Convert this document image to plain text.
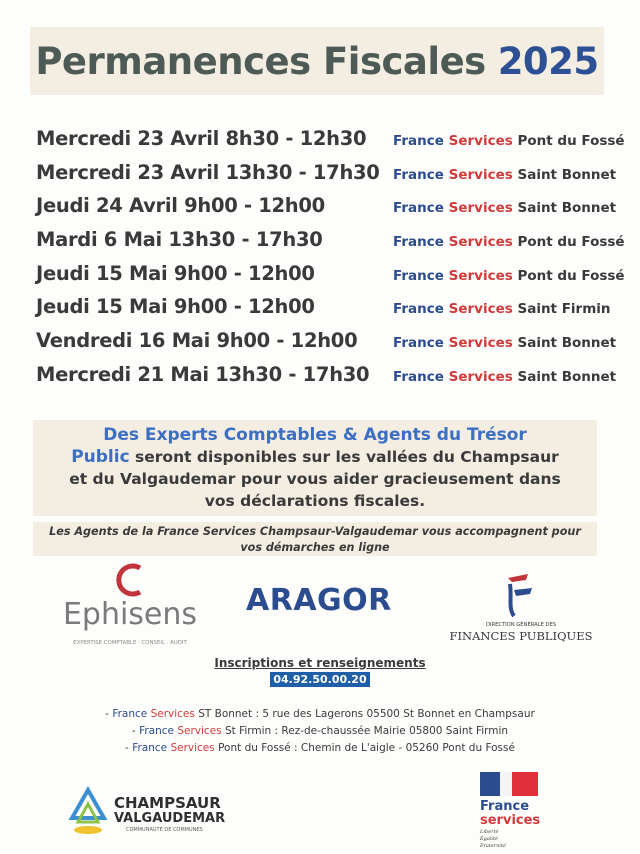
Permanences Fiscales 2025
Mercredi 23 Avril 8h30 - 12h30 France Services Pont du Fossé
Mercredi 23 Avril 13h30 - 17h30 France Services Saint Bonnet
Jeudi 24 Avril 9h00 - 12h00	France Services Saint Bonnet
Mardi 6 Mai 13h30 - 17h30	France Services Pont du Fossé
Jeudi 15 Mai 9h00 - 12h00	France Services Pont du Fossé
Jeudi 15 Mai 9h00 - 12h00	France Services Saint Firmin
Vendredi 16 Mai 9h00 - 12h00	France Services Saint Bonnet
Mercredi 21 Mai 13h30 - 17h30 France Services Saint Bonnet
Des Experts Comptables & Agents du Trésor
Public seront disponibles sur les vallées du Champsaur
et du Valgaudemar pour vous aider gracieusement dans
vos déclarations fiscales.
Les Agents de la France Services Champsaur-Valgaudemar vous accompagnent pour
vos démarches en ligne
Ephisens
EXPERTISE·COMPTABLE · CONSEIL · AUDIT
ARAGOR
DIRECTION GÉNÉRALE DES
FINANCES PUBLIQUES
Inscriptions et renseignements
04.92.50.00.20
- France Services ST Bonnet : 5 rue des Lagerons 05500 St Bonnet en Champsaur
- France Services St Firmin : Rez-de-chaussée Mairie 05800 Saint Firmin
- France Services Pont du Fossé : Chemin de L'aigle - 05260 Pont du Fossé
CHAMPSAUR
VALGAUDEMAR
COMMUNAUTÉ DE COMMUNES
France
services
Liberté
Égalité
Fraternité
